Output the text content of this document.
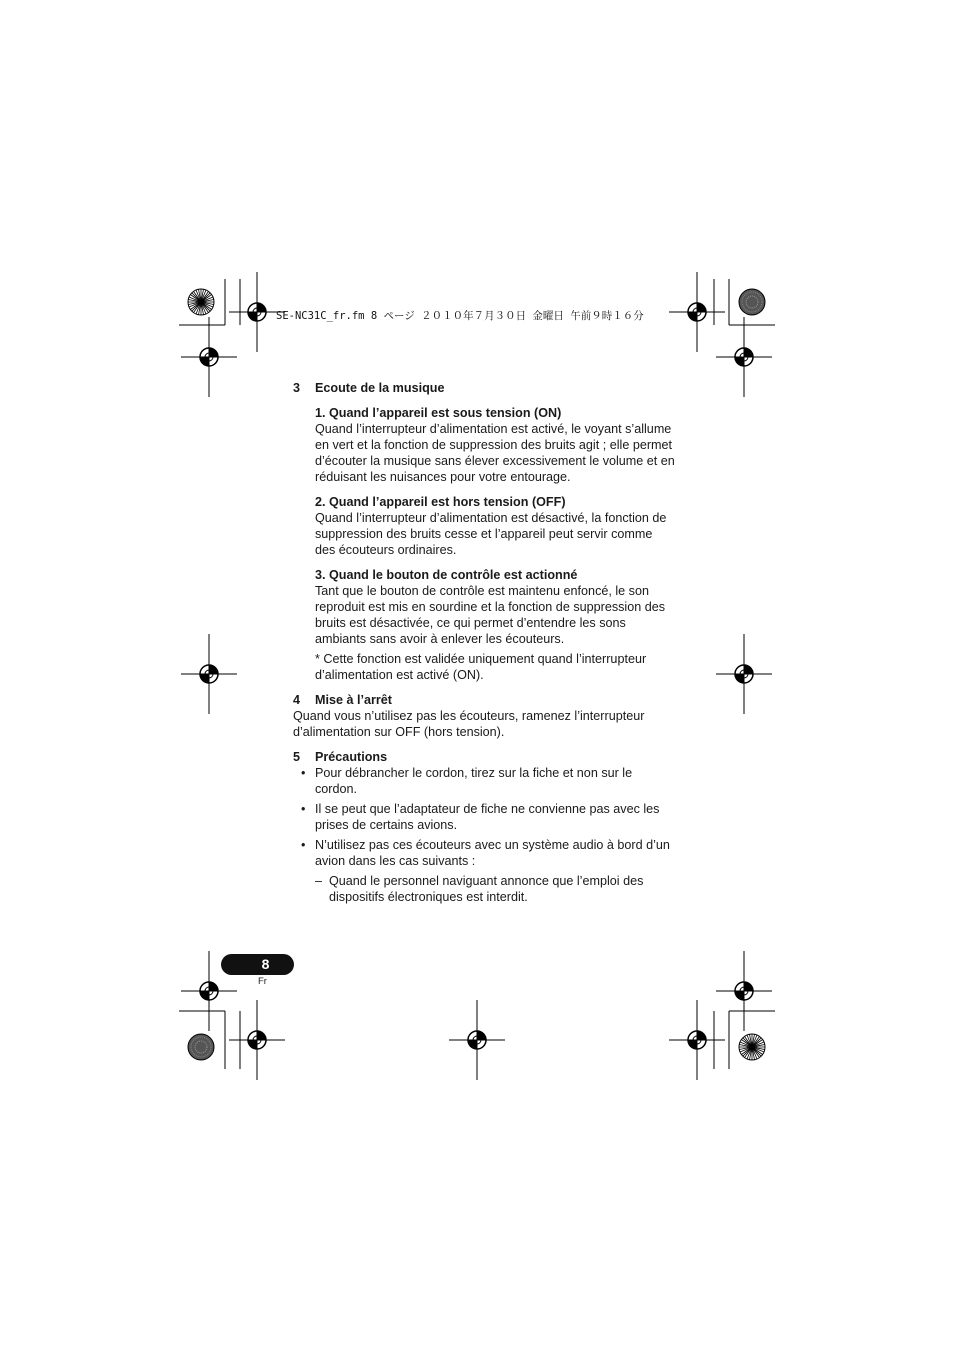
SE-NC31C_fr.fm 8 ページ ２０１０年７月３０日 金曜日 午前９時１６分
3	Ecoute de la musique
1. Quand l’appareil est sous tension (ON)

Quand l’interrupteur d’alimentation est activé, le voyant s’allume en vert et la fonction de suppression des bruits agit ; elle permet d’écouter la musique sans élever excessivement le volume et en réduisant les nuisances pour votre entourage.

2. Quand l’appareil est hors tension (OFF)

Quand l’interrupteur d’alimentation est désactivé, la fonction de suppression des bruits cesse et l’appareil peut servir comme des écouteurs ordinaires.

3. Quand le bouton de contrôle est actionné

Tant que le bouton de contrôle est maintenu enfoncé, le son reproduit est mis en sourdine et la fonction de suppression des bruits est désactivée, ce qui permet d’entendre les sons ambiants sans avoir à enlever les écouteurs.

* Cette fonction est validée uniquement quand l’interrupteur d’alimentation est activé (ON).

4	Mise à l’arrêt

Quand vous n’utilisez pas les écouteurs, ramenez l’interrupteur d’alimentation sur OFF (hors tension).

5	Précautions
• Pour débrancher le cordon, tirez sur la fiche et non sur le cordon.
• Il se peut que l’adaptateur de fiche ne convienne pas avec les prises de certains avions.
• N’utilisez pas ces écouteurs avec un système audio à bord d’un avion dans les cas suivants :
– Quand le personnel naviguant annonce que l’emploi des dispositifs électroniques est interdit.
8
Fr
